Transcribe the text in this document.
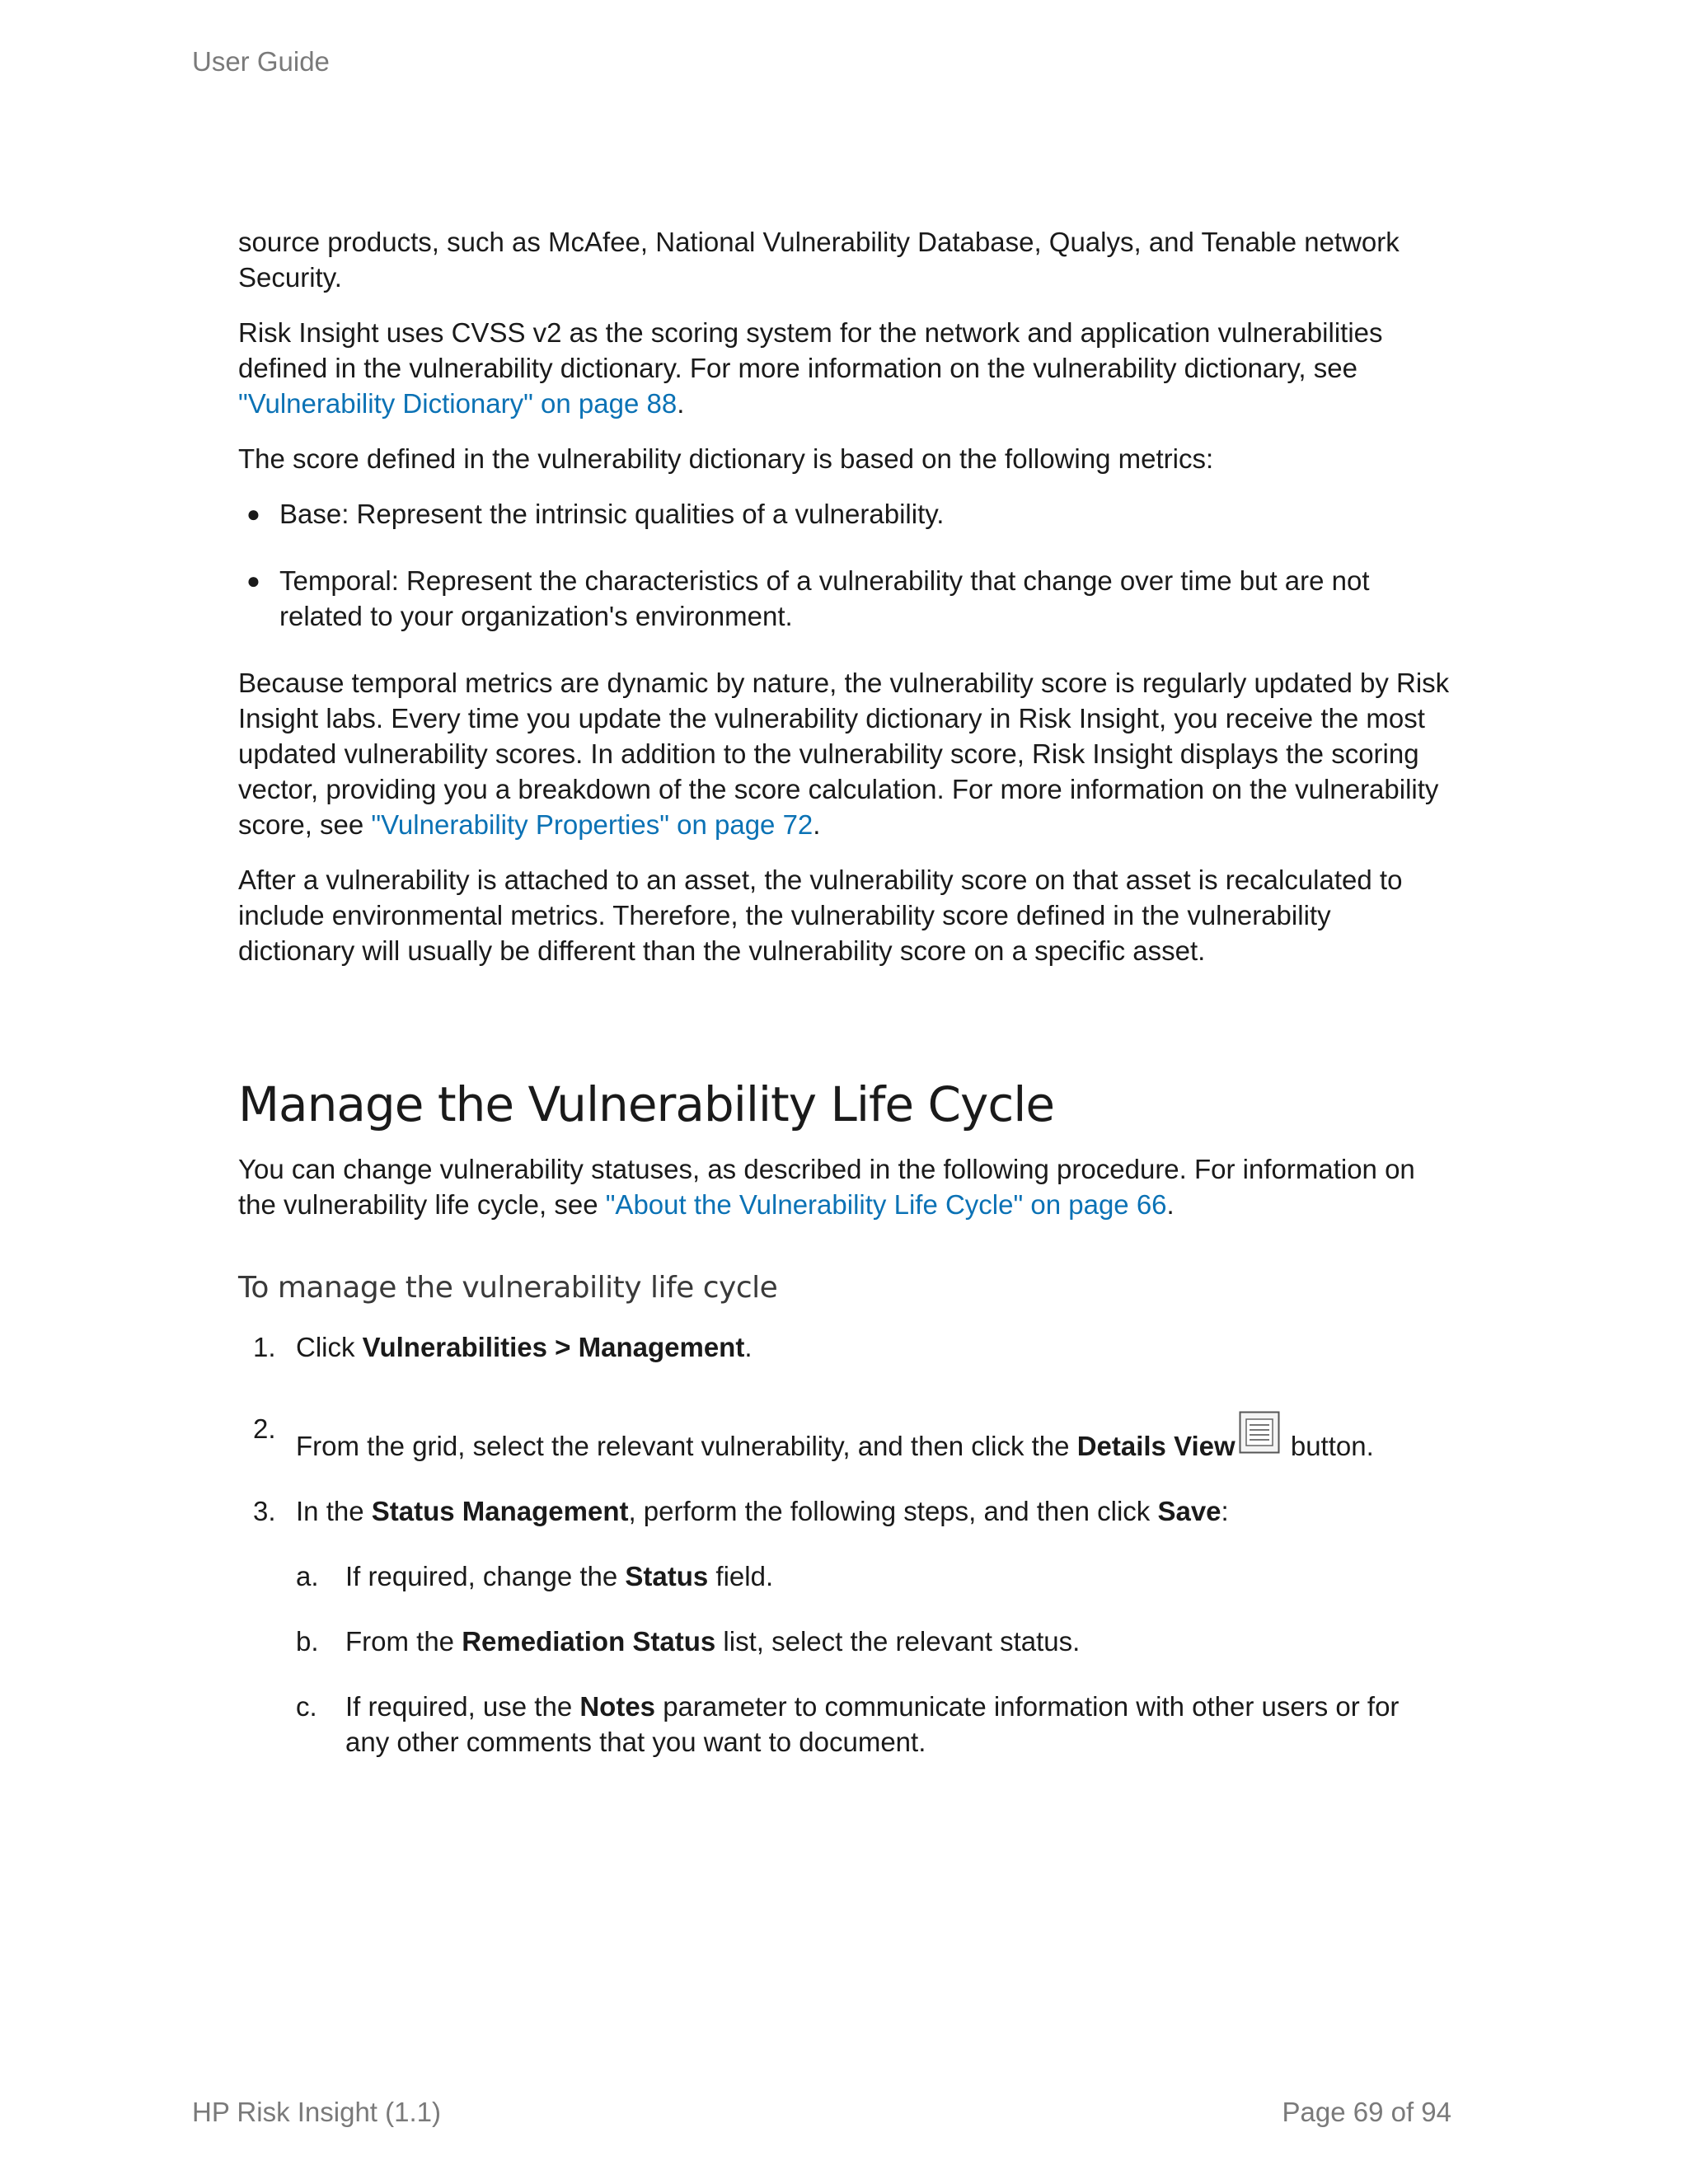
User Guide

source products, such as McAfee, National Vulnerability Database, Qualys, and Tenable network Security.

Risk Insight uses CVSS v2 as the scoring system for the network and application vulnerabilities defined in the vulnerability dictionary. For more information on the vulnerability dictionary, see "Vulnerability Dictionary" on page 88.

The score defined in the vulnerability dictionary is based on the following metrics:

● Base: Represent the intrinsic qualities of a vulnerability.
● Temporal: Represent the characteristics of a vulnerability that change over time but are not related to your organization's environment.

Because temporal metrics are dynamic by nature, the vulnerability score is regularly updated by Risk Insight labs. Every time you update the vulnerability dictionary in Risk Insight, you receive the most updated vulnerability scores. In addition to the vulnerability score, Risk Insight displays the scoring vector, providing you a breakdown of the score calculation. For more information on the vulnerability score, see "Vulnerability Properties" on page 72.

After a vulnerability is attached to an asset, the vulnerability score on that asset is recalculated to include environmental metrics. Therefore, the vulnerability score defined in the vulnerability dictionary will usually be different than the vulnerability score on a specific asset.

Manage the Vulnerability Life Cycle

You can change vulnerability statuses, as described in the following procedure. For information on the vulnerability life cycle, see "About the Vulnerability Life Cycle" on page 66.

To manage the vulnerability life cycle
1. Click Vulnerabilities > Management.
2.
From the grid, select the relevant vulnerability, and then click the Details View button.
3. In the Status Management, perform the following steps, and then click Save:
a. If required, change the Status field.
b. From the Remediation Status list, select the relevant status.
c. If required, use the Notes parameter to communicate information with other users or for any other comments that you want to document.
HP Risk Insight (1.1)	Page 69 of 94
